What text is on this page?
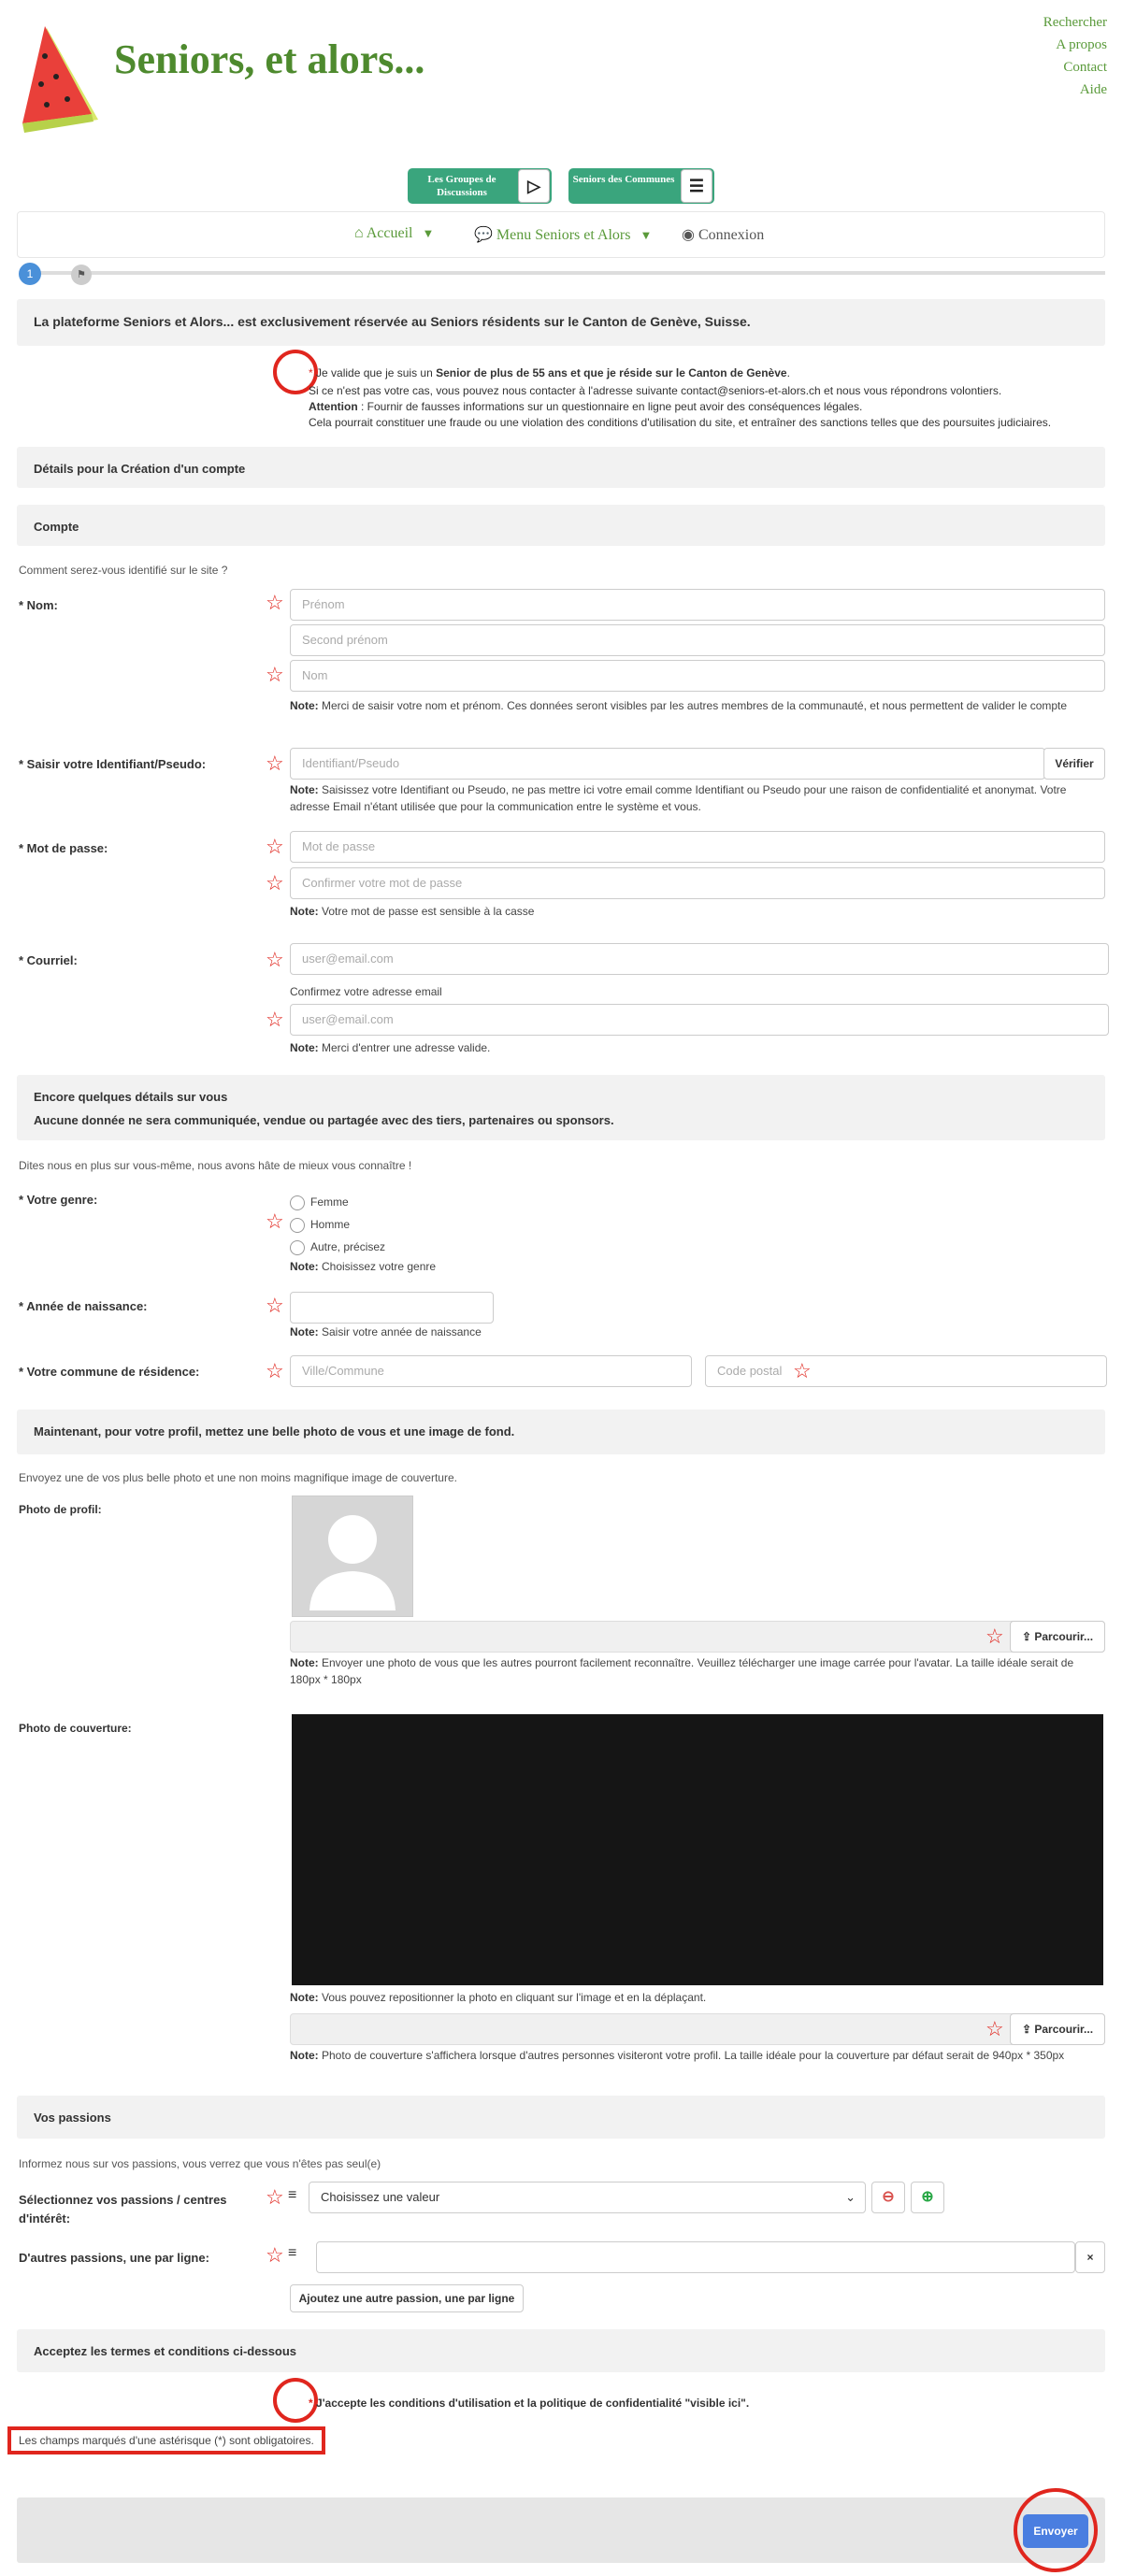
Seniors, et alors...
Rechercher
A propos
Contact
Aide
Les Groupes de Discussions	▷	Seniors des Communes ☰
⌂ Accueil ▼	💬 Menu Seniors et Alors ▼ ◉ Connexion
1	⚑
La plateforme Seniors et Alors... est exclusivement réservée au Seniors résidents sur le Canton de Genève, Suisse.
* Je valide que je suis un Senior de plus de 55 ans et que je réside sur le Canton de Genève.
Si ce n'est pas votre cas, vous pouvez nous contacter à l'adresse suivante contact@seniors-et-alors.ch et nous vous répondrons volontiers.
Attention : Fournir de fausses informations sur un questionnaire en ligne peut avoir des conséquences légales.
Cela pourrait constituer une fraude ou une violation des conditions d'utilisation du site, et entraîner des sanctions telles que des poursuites judiciaires.
Détails pour la Création d'un compte
Compte
Comment serez-vous identifié sur le site ?
* Nom:	☆	Prénom
Second prénom
☆	Nom
Note: Merci de saisir votre nom et prénom. Ces données seront visibles par les autres membres de la communauté, et nous permettent de valider le compte
* Saisir votre Identifiant/Pseudo:	☆	Identifiant/Pseudo	Vérifier
Note: Saisissez votre Identifiant ou Pseudo, ne pas mettre ici votre email comme Identifiant ou Pseudo pour une raison de confidentialité et anonymat. Votre adresse Email n'étant utilisée que pour la communication entre le système et vous.
* Mot de passe:	☆	Mot de passe
☆	Confirmer votre mot de passe
Note: Votre mot de passe est sensible à la casse
* Courriel:	☆	user@email.com
Confirmez votre adresse email
☆	user@email.com
Note: Merci d'entrer une adresse valide.
Encore quelques détails sur vous
Aucune donnée ne sera communiquée, vendue ou partagée avec des tiers, partenaires ou sponsors.
Dites nous en plus sur vous-même, nous avons hâte de mieux vous connaître !
* Votre genre:
☆
Femme
Homme
Autre, précisez
Note: Choisissez votre genre
* Année de naissance:	☆
Note: Saisir votre année de naissance
* Votre commune de résidence:	☆	Ville/Commune	Code postal ☆
Maintenant, pour votre profil, mettez une belle photo de vous et une image de fond.
Envoyez une de vos plus belle photo et une non moins magnifique image de couverture.
Photo de profil:
☆	⇪ Parcourir...
Note: Envoyer une photo de vous que les autres pourront facilement reconnaître. Veuillez télécharger une image carrée pour l'avatar. La taille idéale serait de 180px * 180px
Photo de couverture:
Note: Vous pouvez repositionner la photo en cliquant sur l'image et en la déplaçant.
☆	⇪ Parcourir...
Note: Photo de couverture s'affichera lorsque d'autres personnes visiteront votre profil. La taille idéale pour la couverture par défaut serait de 940px * 350px
Vos passions
Informez nous sur vos passions, vous verrez que vous n'êtes pas seul(e)
Sélectionnez vos passions / centres d'intérêt:
☆ ≡	Choisissez une valeur	⌄	⊖	⊕
D'autres passions, une par ligne:	☆ ≡	×
Ajoutez une autre passion, une par ligne
Acceptez les termes et conditions ci-dessous
* J'accepte les conditions d'utilisation et la politique de confidentialité "visible ici".
Les champs marqués d'une astérisque (*) sont obligatoires.
Envoyer
